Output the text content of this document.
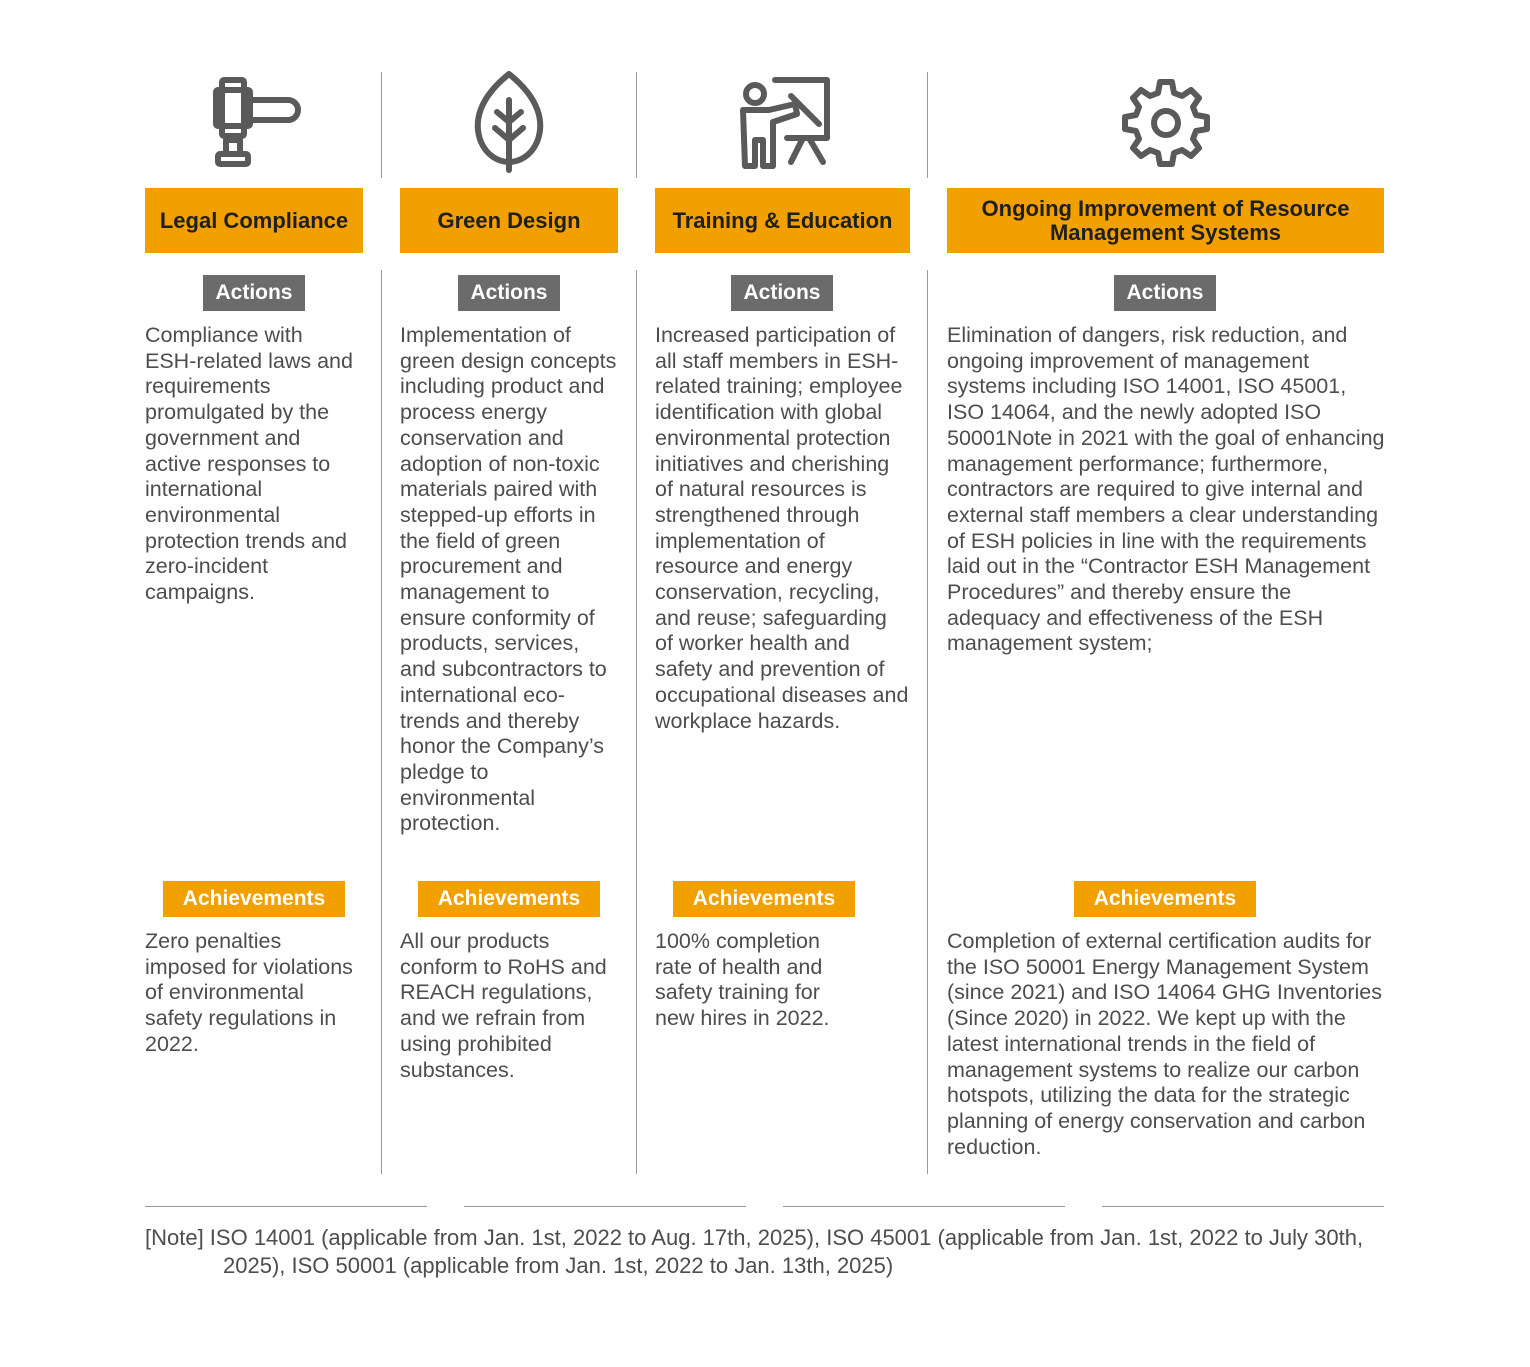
Legal Compliance	Green Design	Training & Education	Ongoing Improvement of Resource Management Systems
Actions	Actions	Actions	Actions

Compliance with ESH-related laws and requirements promulgated by the government and active responses to international environmental protection trends and zero-incident campaigns.

Implementation of green design concepts including product and process energy conservation and adoption of non-toxic materials paired with stepped-up efforts in the field of green procurement and management to ensure conformity of products, services, and subcontractors to international eco-trends and thereby honor the Company’s pledge to environmental protection.

Increased participation of all staff members in ESH-related training; employee identification with global environmental protection initiatives and cherishing of natural resources is strengthened through implementation of resource and energy conservation, recycling, and reuse; safeguarding of worker health and safety and prevention of occupational diseases and workplace hazards.

Elimination of dangers, risk reduction, and ongoing improvement of management systems including ISO 14001, ISO 45001, ISO 14064, and the newly adopted ISO 50001Note in 2021 with the goal of enhancing management performance; furthermore, contractors are required to give internal and external staff members a clear understanding of ESH policies in line with the requirements laid out in the “Contractor ESH Management Procedures” and thereby ensure the adequacy and effectiveness of the ESH management system;

Achievements	Achievements	Achievements	Achievements

Zero penalties imposed for violations of environmental safety regulations in 2022.

All our products conform to RoHS and REACH regulations, and we refrain from using prohibited substances.

100% completion rate of health and safety training for new hires in 2022.

Completion of external certification audits for the ISO 50001 Energy Management System (since 2021) and ISO 14064 GHG Inventories (Since 2020) in 2022. We kept up with the latest international trends in the field of management systems to realize our carbon hotspots, utilizing the data for the strategic planning of energy conservation and carbon reduction.

[Note] ISO 14001 (applicable from Jan. 1st, 2022 to Aug. 17th, 2025), ISO 45001 (applicable from Jan. 1st, 2022 to July 30th, 2025), ISO 50001 (applicable from Jan. 1st, 2022 to Jan. 13th, 2025)
